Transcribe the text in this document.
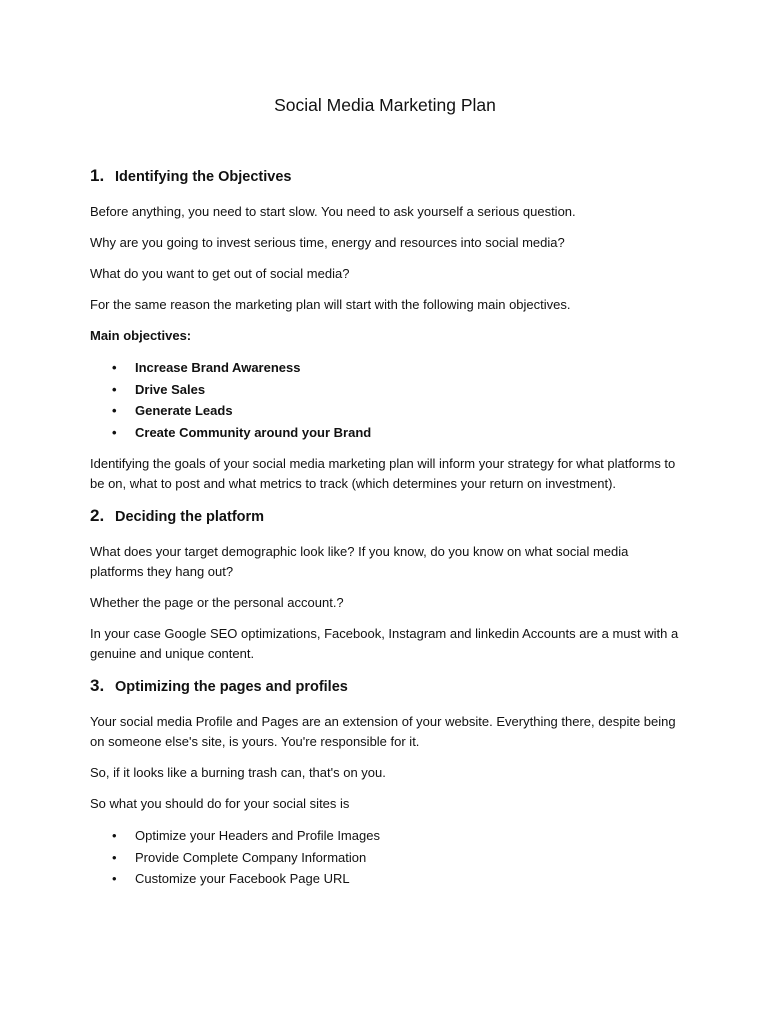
Social Media Marketing Plan
1. Identifying the Objectives

Before anything, you need to start slow. You need to ask yourself a serious question.

Why are you going to invest serious time, energy and resources into social media?

What do you want to get out of social media?

For the same reason the marketing plan will start with the following main objectives.

Main objectives:

• Increase Brand Awareness
• Drive Sales
• Generate Leads
• Create Community around your Brand

Identifying the goals of your social media marketing plan will inform your strategy for what platforms to be on, what to post and what metrics to track (which determines your return on investment).

2. Deciding the platform

What does your target demographic look like? If you know, do you know on what social media platforms they hang out?

Whether the page or the personal account.?

In your case Google SEO optimizations, Facebook, Instagram and linkedin Accounts are a must with a genuine and unique content.

3. Optimizing the pages and profiles

Your social media Profile and Pages are an extension of your website. Everything there, despite being on someone else's site, is yours. You're responsible for it.

So, if it looks like a burning trash can, that's on you.

So what you should do for your social sites is

• Optimize your Headers and Profile Images
• Provide Complete Company Information
• Customize your Facebook Page URL
